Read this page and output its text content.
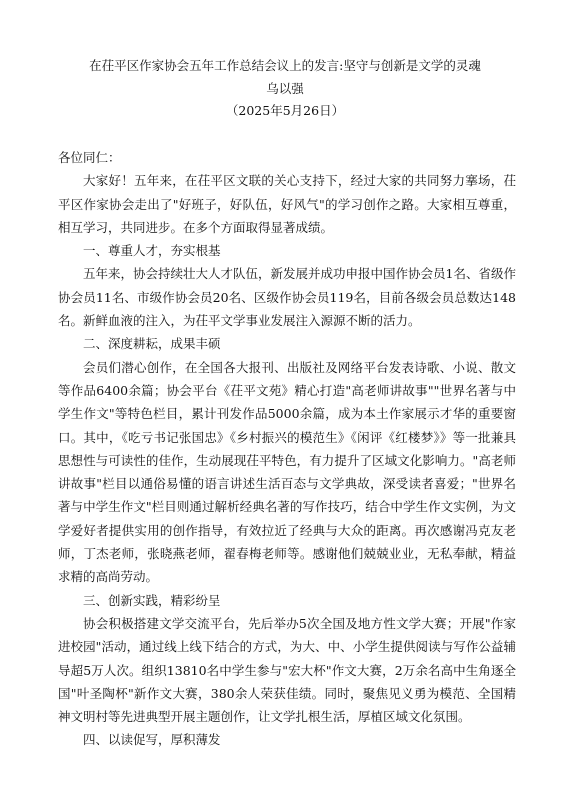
在茌平区作家协会五年工作总结会议上的发言:坚守与创新是文学的灵魂
乌以强
（2025年5月26日）

各位同仁：

大家好！五年来，在茌平区文联的关心支持下，经过大家的共同努力搴场，茌平区作家协会走出了"好班子，好队伍，好风气"的学习创作之路。大家相互尊重，相互学习，共同进步。在多个方面取得显著成绩。

一、尊重人才，夯实根基

五年来，协会持续壮大人才队伍，新发展并成功申报中国作协会员1名、省级作协会员11名、市级作协会员20名、区级作协会员119名，目前各级会员总数达148名。新鲜血液的注入，为茌平文学事业发展注入源源不断的活力。

二、深度耕耘，成果丰硕

会员们潜心创作，在全国各大报刊、出版社及网络平台发表诗歌、小说、散文等作品6400余篇；协会平台《茌平文苑》精心打造"高老师讲故事""世界名著与中学生作文"等特色栏目，累计刊发作品5000余篇，成为本土作家展示才华的重要窗口。其中，《吃亏书记张国忠》《乡村振兴的模范生》《闲评《红楼梦》》等一批兼具思想性与可读性的佳作，生动展现茌平特色，有力提升了区域文化影响力。"高老师讲故事"栏目以通俗易懂的语言讲述生活百态与文学典故，深受读者喜爱；"世界名著与中学生作文"栏目则通过解析经典名著的写作技巧，结合中学生作文实例，为文学爱好者提供实用的创作指导，有效拉近了经典与大众的距离。再次感谢冯克友老师，丁杰老师，张晓燕老师，翟春梅老师等。感谢他们兢兢业业，无私奉献，精益求精的高尚劳动。

三、创新实践，精彩纷呈

协会积极搭建文学交流平台，先后举办5次全国及地方性文学大赛；开展"作家进校园"活动，通过线上线下结合的方式，为大、中、小学生提供阅读与写作公益辅导超5万人次。组织13810名中学生参与"宏大杯"作文大赛，2万余名高中生角逐全国"叶圣陶杯"新作文大赛，380余人荣获佳绩。同时，聚焦见义勇为模范、全国精神文明村等先进典型开展主题创作，让文学扎根生活，厚植区域文化氛围。

四、以读促写，厚积薄发
